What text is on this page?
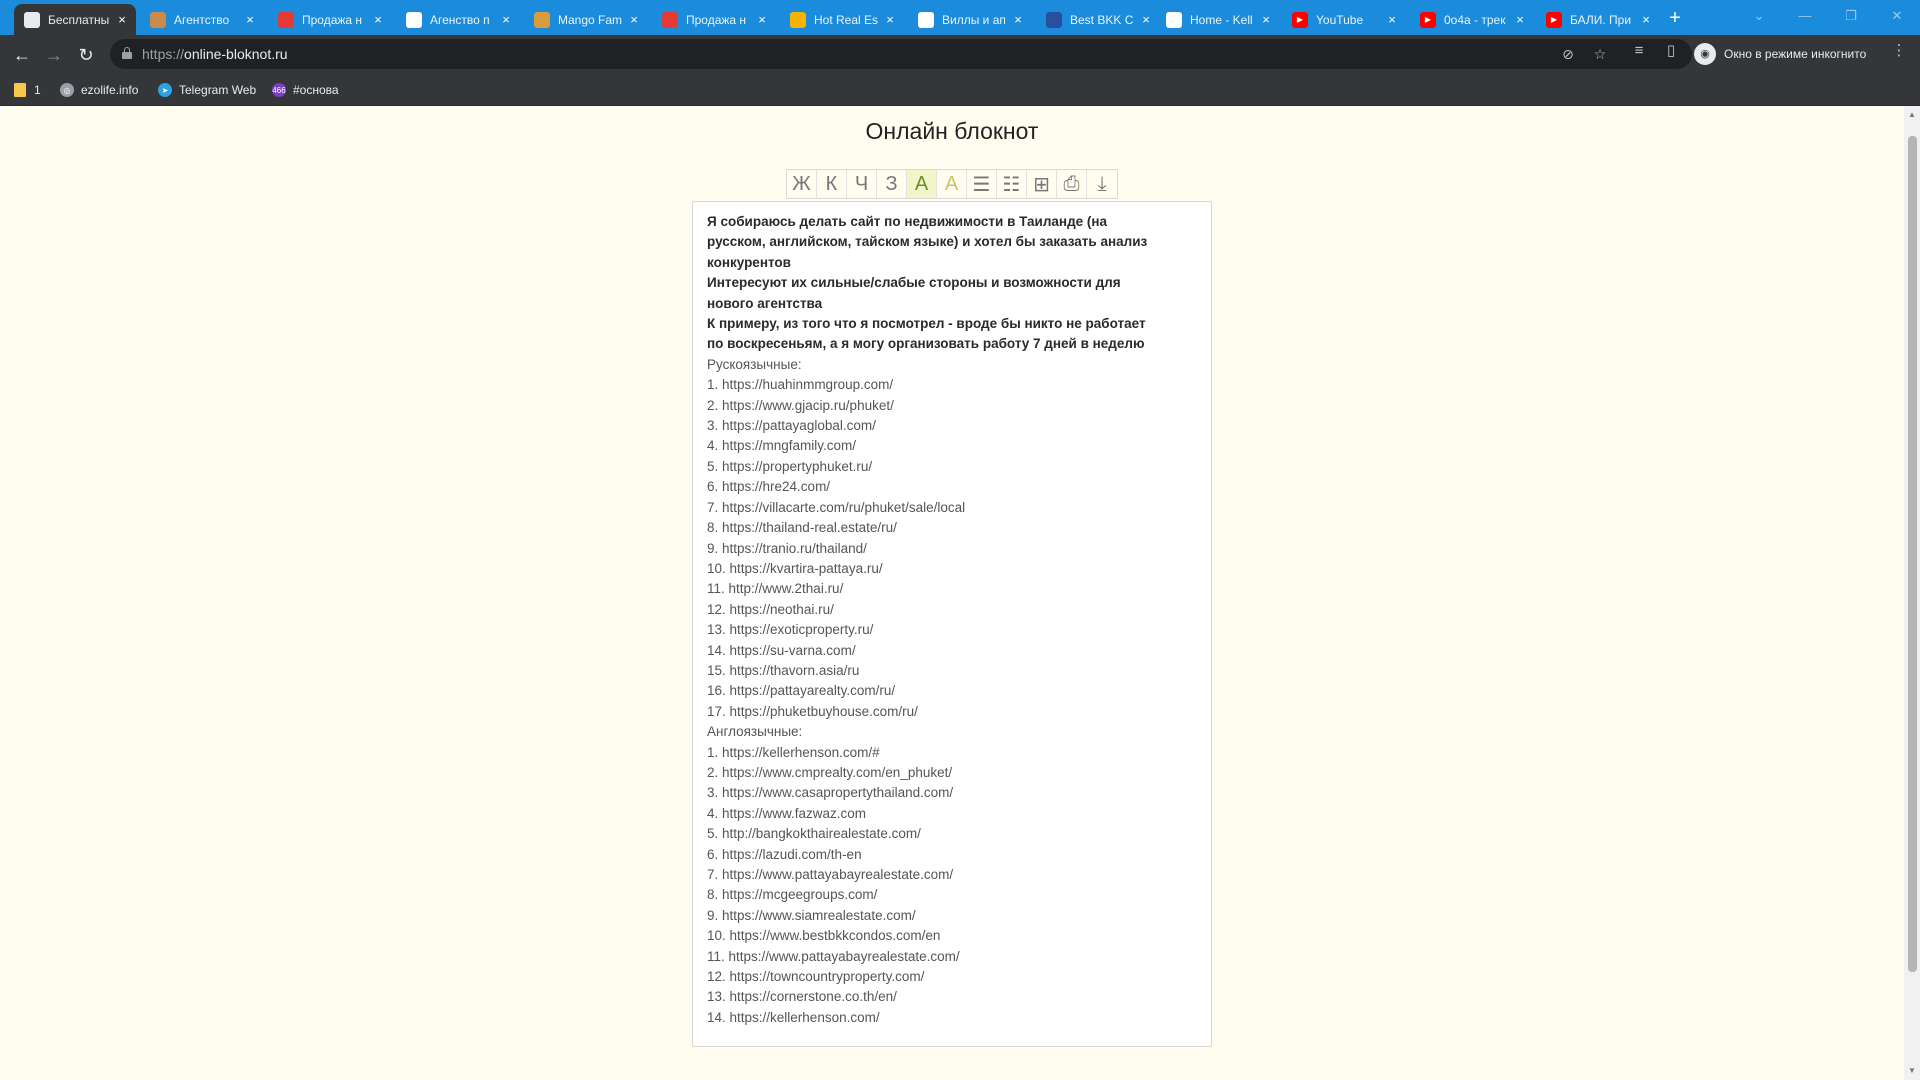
Бесплатны ×	Агентство	×	Продажа н ×	Агенство п ×	Mango Fam ×	Продажа н ×	Hot Real Es ×	Виллы и ап ×	Best BKK C ×	Home - Kell ×	▶	YouTube	×	▶	0o4a - трек ×	▶	БАЛИ. При × +	⌄	—	❐	✕
← → ↻	https://online-bloknot.ru	⊘ ☆	≡	▯	◉	Окно в режиме инкогнито ⋮
1	◎ ezolife.info	➤ Telegram Web 466 #основа
Онлайн блокнот
Ж К Ч З А А ☰ ☷ ⊞ ⎙ ⤓
Я собираюсь делать сайт по недвижимости в Таиланде (на
русском, английском, тайском языке) и хотел бы заказать анализ
конкурентов
Интересуют их сильные/слабые стороны и возможности для
нового агентства
К примеру, из того что я посмотрел - вроде бы никто не работает
по воскресеньям, а я могу организовать работу 7 дней в неделю
Рускоязычные:
1. https://huahinmmgroup.com/
2. https://www.gjacip.ru/phuket/
3. https://pattayaglobal.com/
4. https://mngfamily.com/
5. https://propertyphuket.ru/
6. https://hre24.com/
7. https://villacarte.com/ru/phuket/sale/local
8. https://thailand-real.estate/ru/
9. https://tranio.ru/thailand/
10. https://kvartira-pattaya.ru/
11. http://www.2thai.ru/
12. https://neothai.ru/
13. https://exoticproperty.ru/
14. https://su-varna.com/
15. https://thavorn.asia/ru
16. https://pattayarealty.com/ru/
17. https://phuketbuyhouse.com/ru/
Англоязычные:
1. https://kellerhenson.com/#
2. https://www.cmprealty.com/en_phuket/
3. https://www.casapropertythailand.com/
4. https://www.fazwaz.com
5. http://bangkokthairealestate.com/
6. https://lazudi.com/th-en
7. https://www.pattayabayrealestate.com/
8. https://mcgeegroups.com/
9. https://www.siamrealestate.com/
10. https://www.bestbkkcondos.com/en
11. https://www.pattayabayrealestate.com/
12. https://towncountryproperty.com/
13. https://cornerstone.co.th/en/
14. https://kellerhenson.com/
▲
▼
